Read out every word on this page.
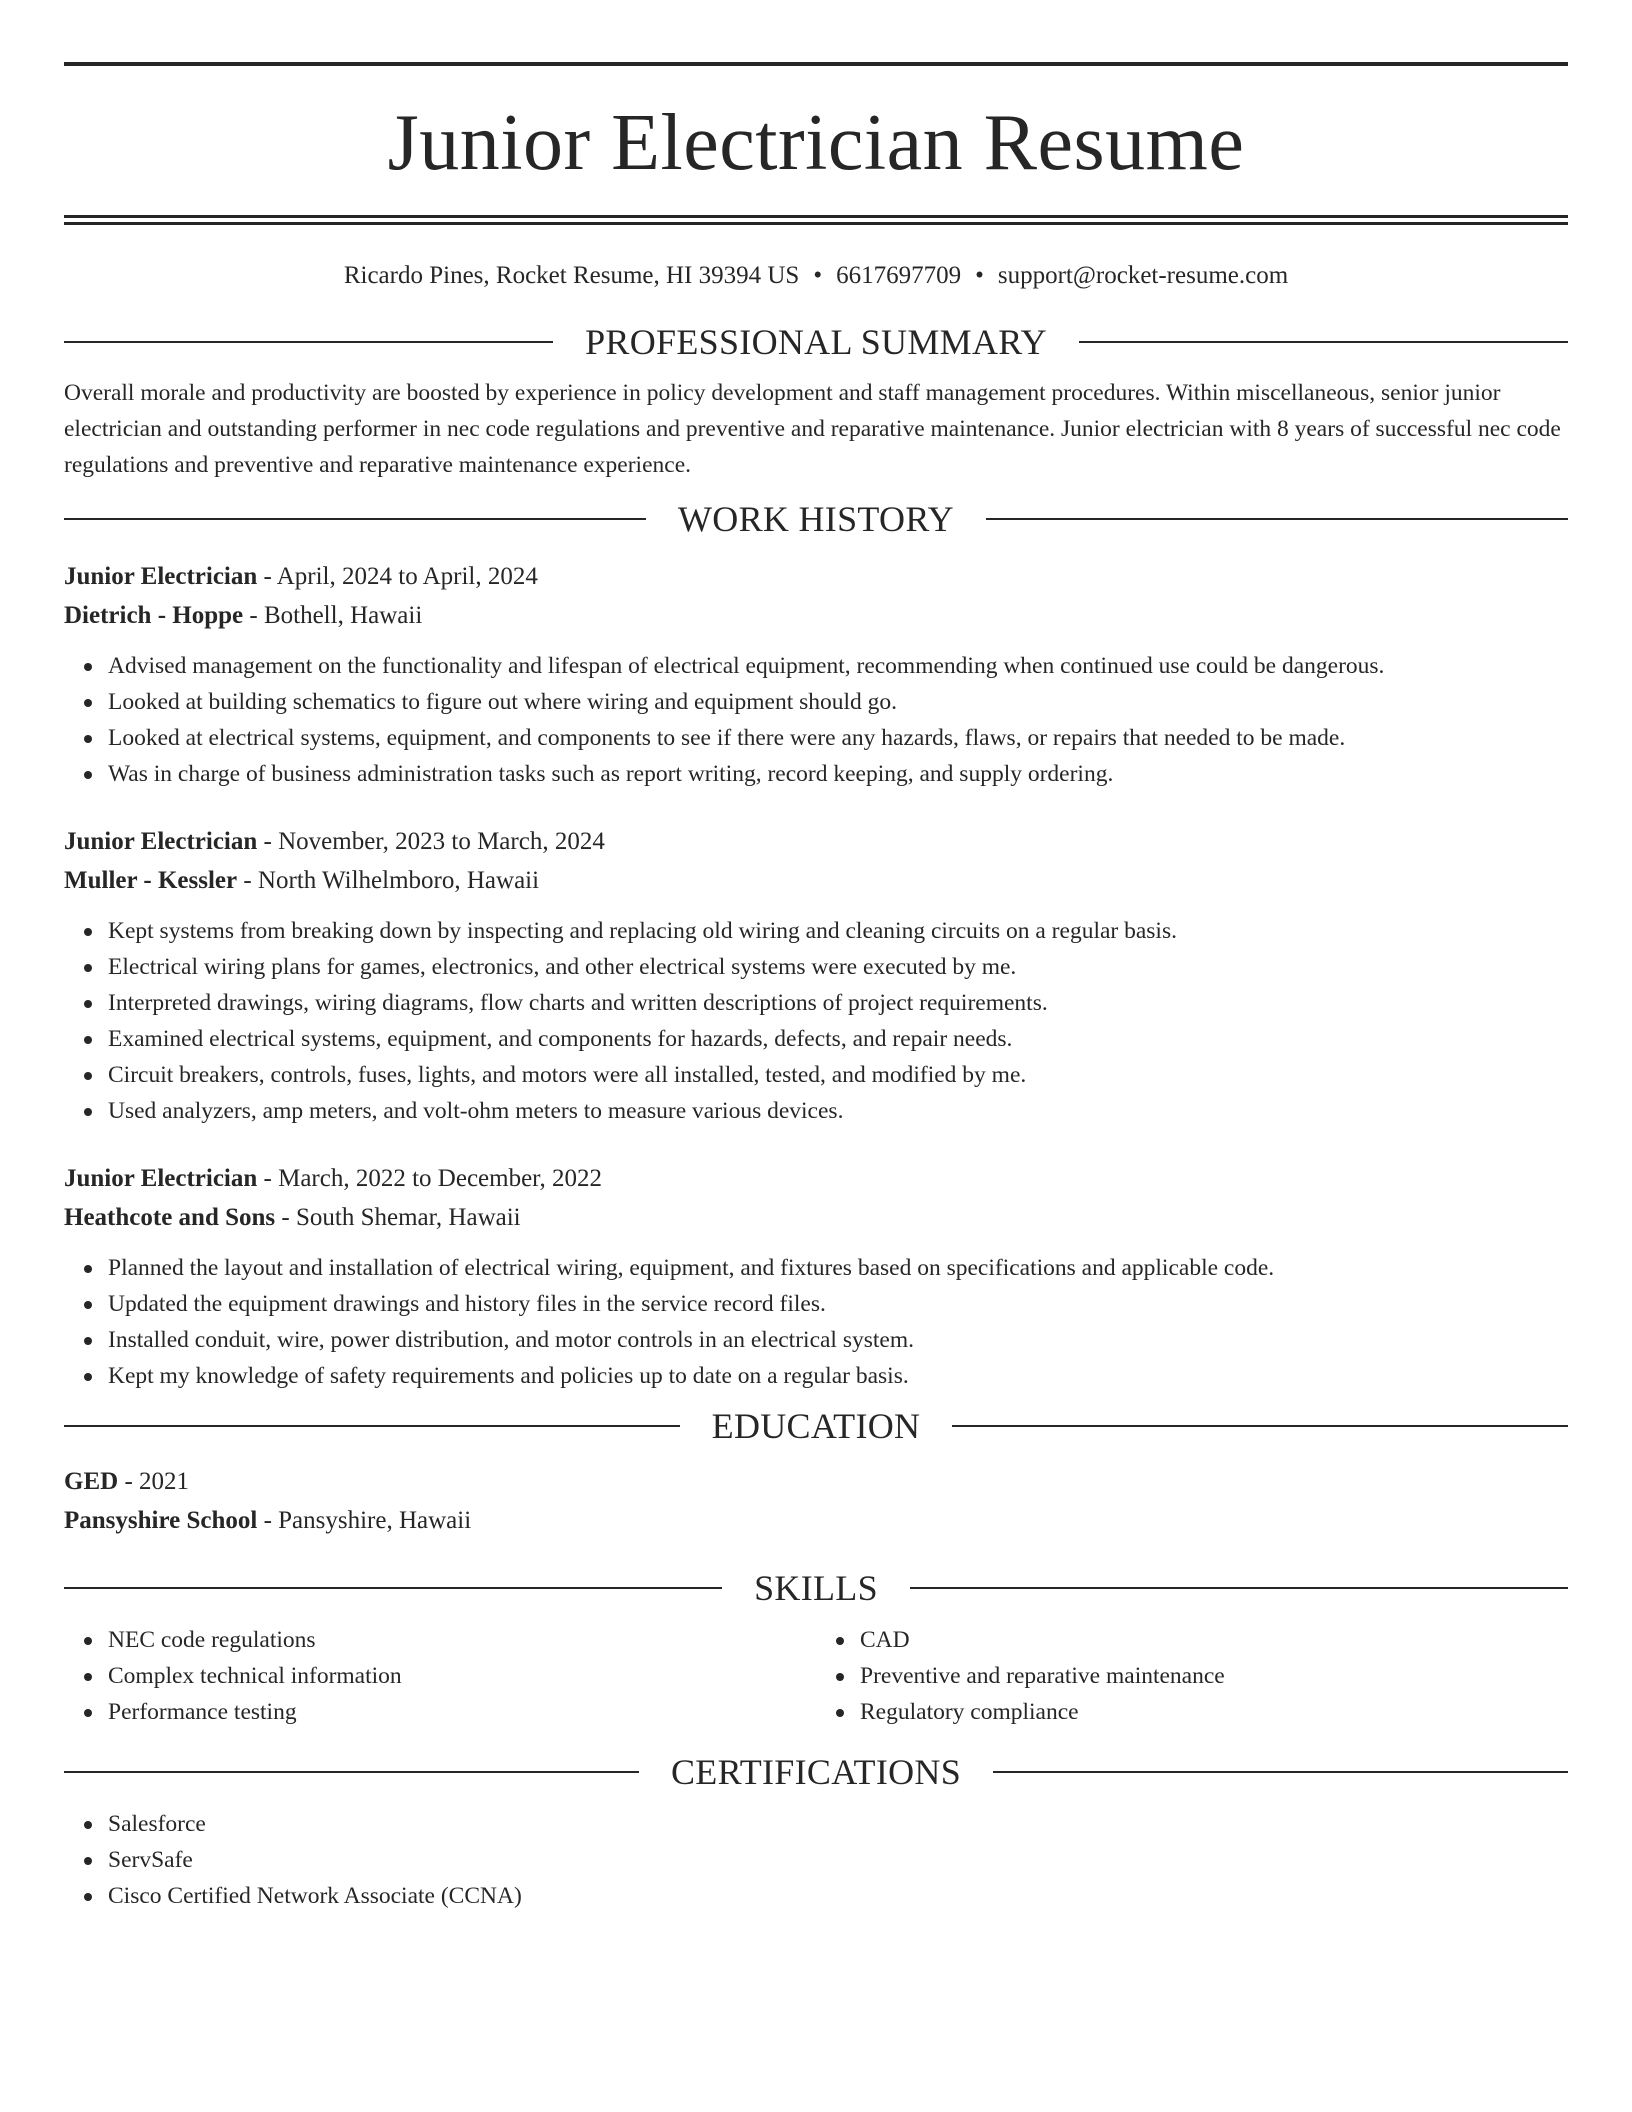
Junior Electrician Resume
Ricardo Pines, Rocket Resume, HI 39394 US • 6617697709 • support@rocket-resume.com
PROFESSIONAL SUMMARY

Overall morale and productivity are boosted by experience in policy development and staff management procedures. Within miscellaneous, senior junior electrician and outstanding performer in nec code regulations and preventive and reparative maintenance. Junior electrician with 8 years of successful nec code regulations and preventive and reparative maintenance experience.

WORK HISTORY
Junior Electrician - April, 2024 to April, 2024
Dietrich - Hoppe - Bothell, Hawaii
Advised management on the functionality and lifespan of electrical equipment, recommending when continued use could be dangerous.
Looked at building schematics to figure out where wiring and equipment should go.
Looked at electrical systems, equipment, and components to see if there were any hazards, flaws, or repairs that needed to be made.
Was in charge of business administration tasks such as report writing, record keeping, and supply ordering.
Junior Electrician - November, 2023 to March, 2024
Muller - Kessler - North Wilhelmboro, Hawaii
Kept systems from breaking down by inspecting and replacing old wiring and cleaning circuits on a regular basis.
Electrical wiring plans for games, electronics, and other electrical systems were executed by me.
Interpreted drawings, wiring diagrams, flow charts and written descriptions of project requirements.
Examined electrical systems, equipment, and components for hazards, defects, and repair needs.
Circuit breakers, controls, fuses, lights, and motors were all installed, tested, and modified by me.
Used analyzers, amp meters, and volt-ohm meters to measure various devices.
Junior Electrician - March, 2022 to December, 2022
Heathcote and Sons - South Shemar, Hawaii
Planned the layout and installation of electrical wiring, equipment, and fixtures based on specifications and applicable code.
Updated the equipment drawings and history files in the service record files.
Installed conduit, wire, power distribution, and motor controls in an electrical system.
Kept my knowledge of safety requirements and policies up to date on a regular basis.
EDUCATION
GED - 2021
Pansyshire School - Pansyshire, Hawaii
SKILLS
NEC code regulations
Complex technical information
Performance testing
CAD
Preventive and reparative maintenance
Regulatory compliance
CERTIFICATIONS
Salesforce
ServSafe
Cisco Certified Network Associate (CCNA)
